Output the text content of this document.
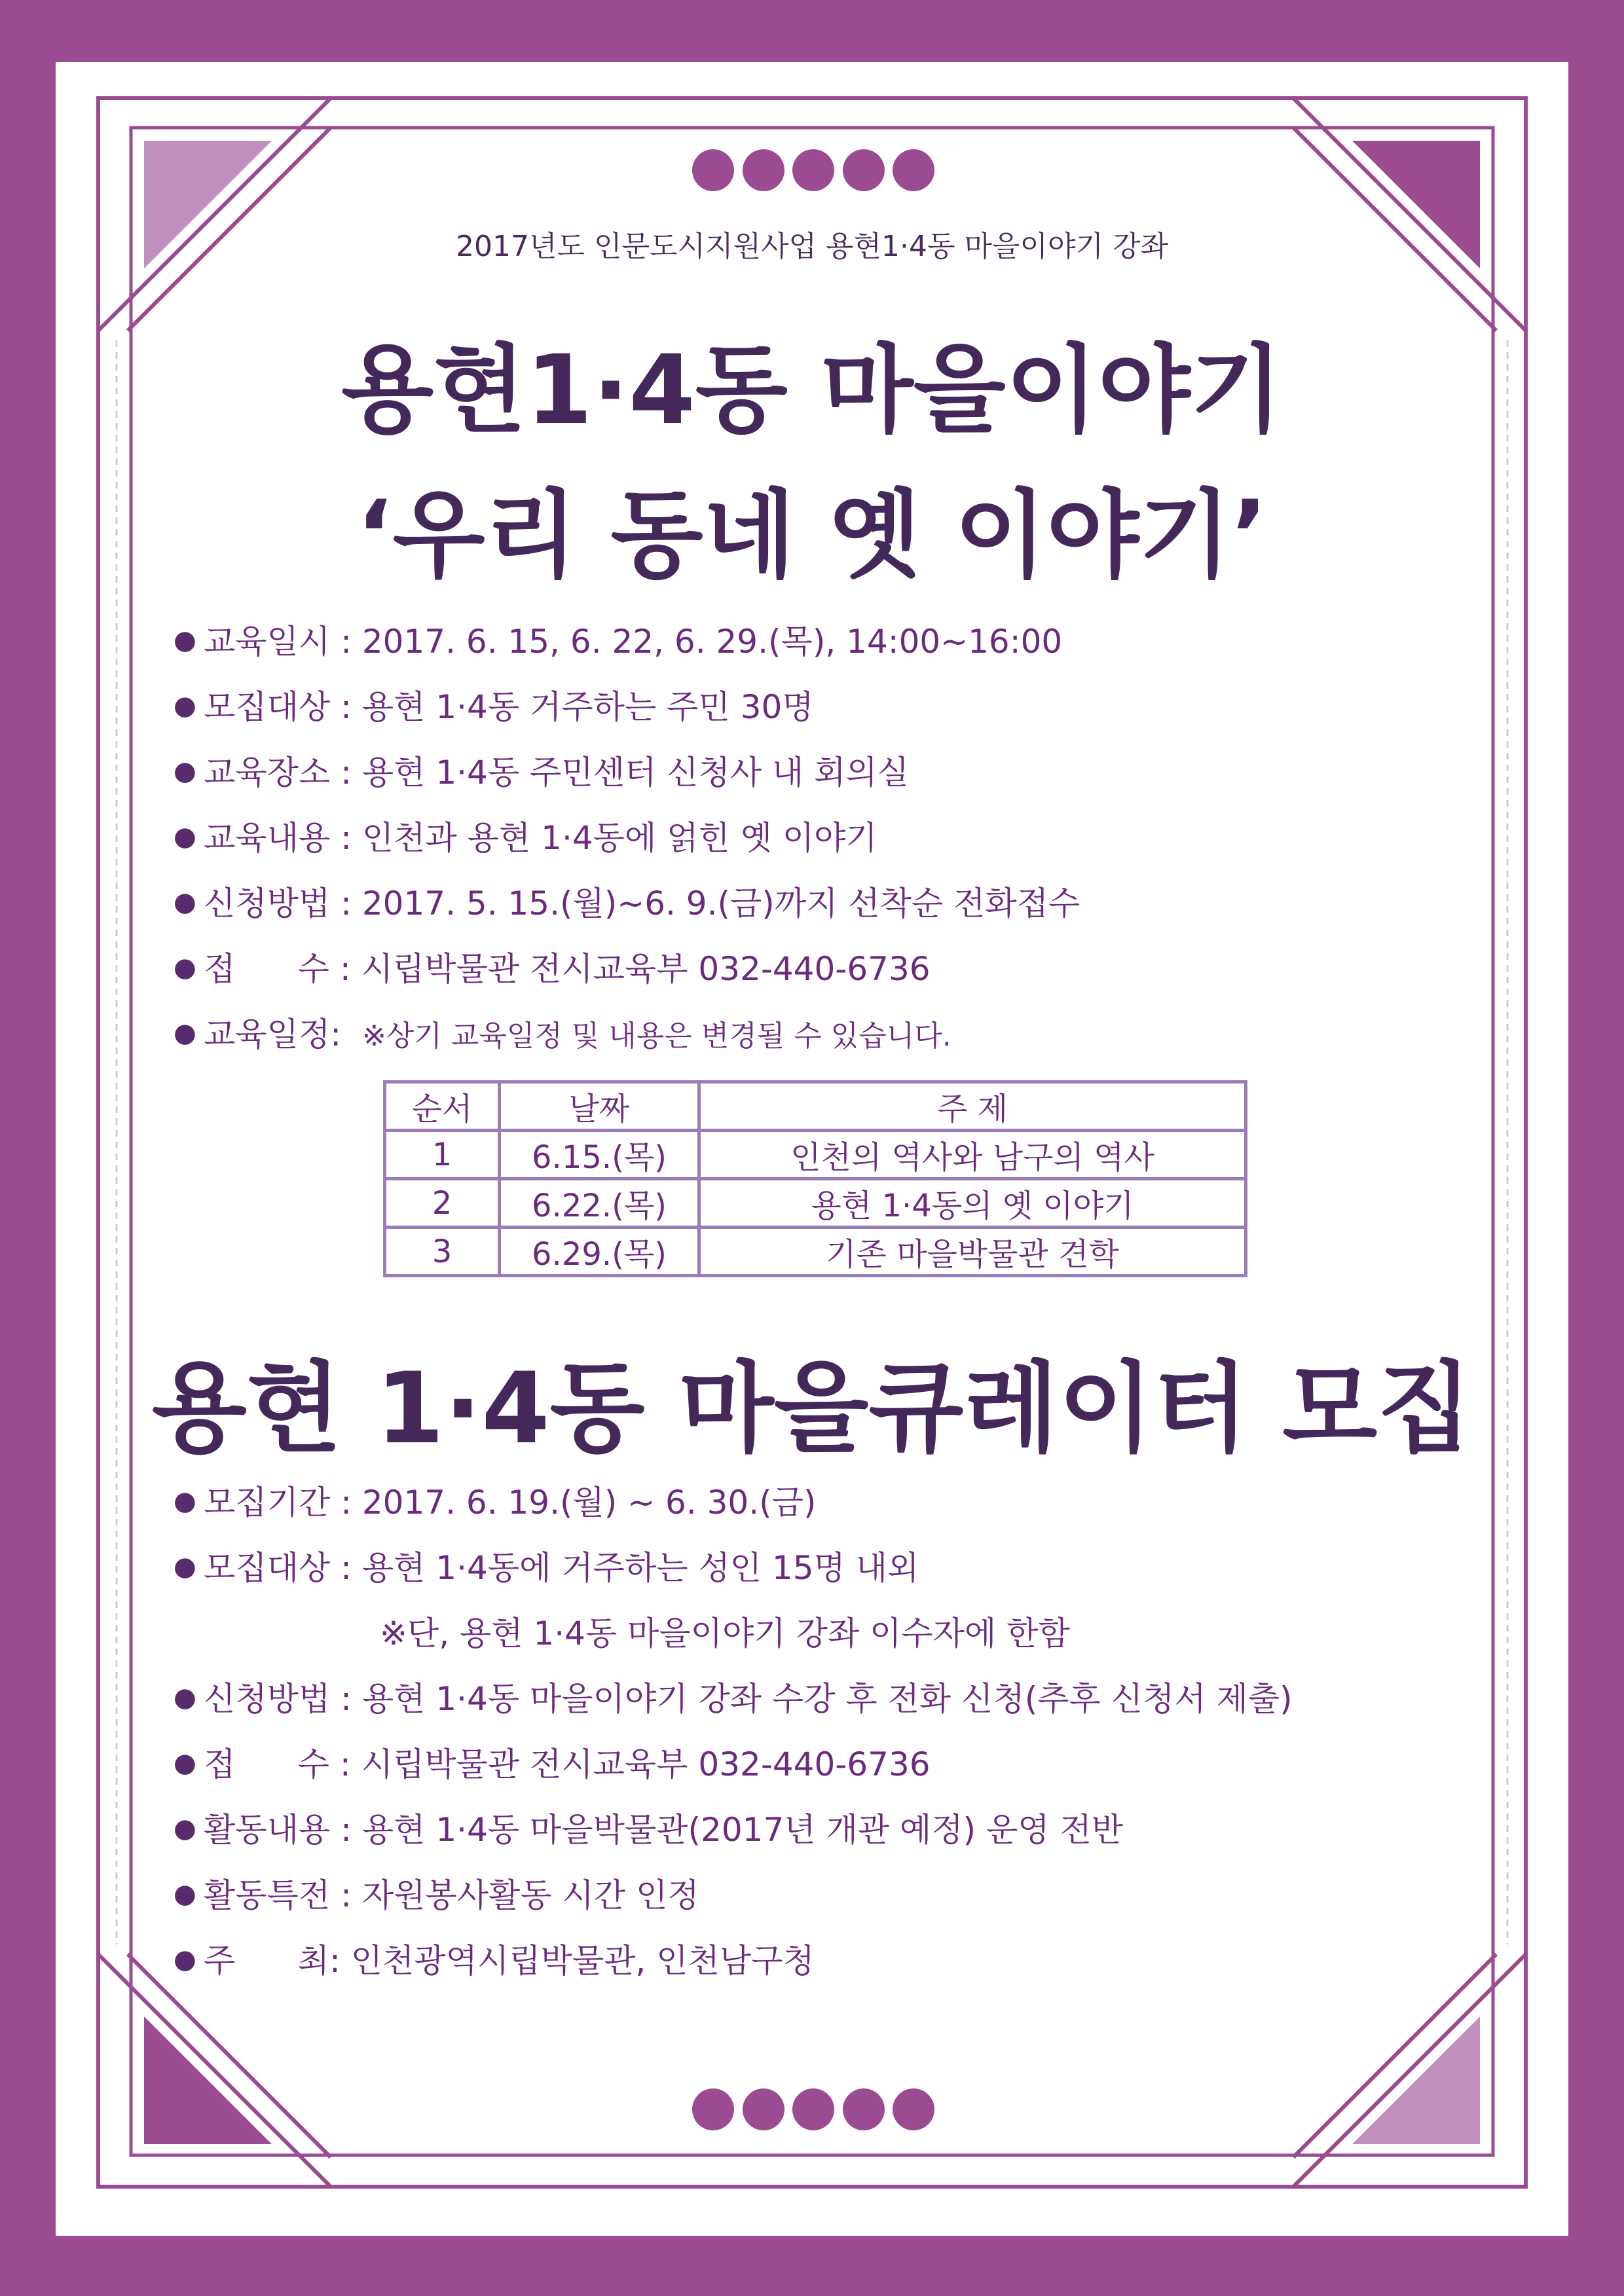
2017년도 인문도시지원사업 용현1·4동 마을이야기 강좌
용현1·4동 마을이야기
‘우리 동네 옛 이야기’
● 교육일시 : 2017. 6. 15, 6. 22, 6. 29.(목), 14:00~16:00
● 모집대상 : 용현 1·4동 거주하는 주민 30명
● 교육장소 : 용현 1·4동 주민센터 신청사 내 회의실
● 교육내용 : 인천과 용현 1·4동에 얽힌 옛 이야기
● 신청방법 : 2017. 5. 15.(월)~6. 9.(금)까지 선착순 전화접수
● 접      수 : 시립박물관 전시교육부 032-440-6736
● 교육일정:  ※상기 교육일정 및 내용은 변경될 수 있습니다.
순서	날짜	주 제
1	6.15.(목)	인천의 역사와 남구의 역사
2	6.22.(목)	용현 1·4동의 옛 이야기
3	6.29.(목)	기존 마을박물관 견학
용현 1·4동 마을큐레이터 모집
● 모집기간 : 2017. 6. 19.(월) ~ 6. 30.(금)
● 모집대상 : 용현 1·4동에 거주하는 성인 15명 내외
※단, 용현 1·4동 마을이야기 강좌 이수자에 한함
● 신청방법 : 용현 1·4동 마을이야기 강좌 수강 후 전화 신청(추후 신청서 제출)
● 접      수 : 시립박물관 전시교육부 032-440-6736
● 활동내용 : 용현 1·4동 마을박물관(2017년 개관 예정) 운영 전반
● 활동특전 : 자원봉사활동 시간 인정
● 주      최: 인천광역시립박물관, 인천남구청
